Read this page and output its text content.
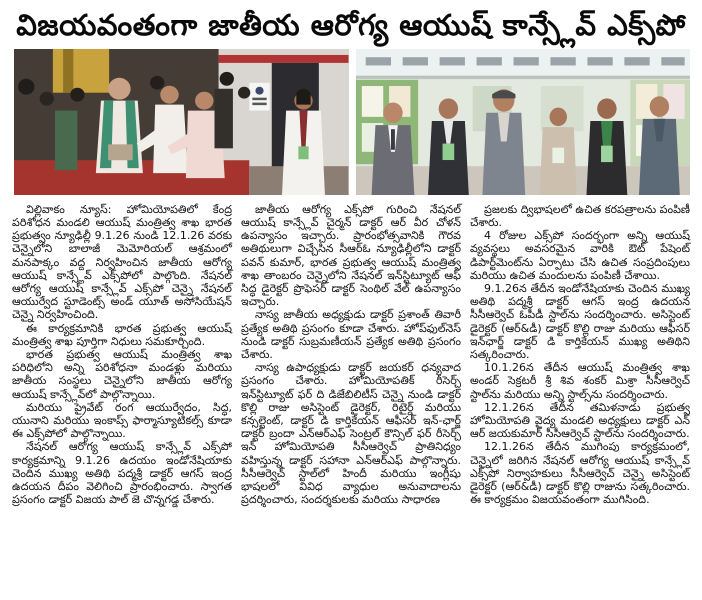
విజయవంతంగా జాతీయ ఆరోగ్య ఆయుష్ కాన్స్లేవ్ ఎక్స్‌పో

విల్లివాకం న్యూస్: హోమియోపతిలో కేంద్ర పరిశోధన మండలి ఆయుష్ మంత్రిత్వ శాఖ భారత ప్రభుత్వం న్యూఢిల్లీ 9.1.26 నుండి 12.1.26 వరకు చెన్నైలోని బాలాజీ మెమోరియల్ ఆశ్రమంలో మనపాక్కం వద్ద నిర్వహించిన జాతీయ ఆరోగ్య ఆయుష్ కాన్స్లేవ్ ఎక్స్‌పోలో పాల్గొంది. నేషనల్ ఆరోగ్య ఆయుష్ కాన్స్లేవ్ ఎక్స్‌పో చెన్నై నేషనల్ ఆయుర్వేద స్టూడెంట్స్ అండ్ యూత్ అసోసియేషన్ చెన్నై నిర్వహించింది.

ఈ కార్యక్రమానికి భారత ప్రభుత్వ ఆయుష్ మంత్రిత్వ శాఖ పూర్తిగా నిధులు సమకూర్చింది.

భారత ప్రభుత్వ ఆయుష్ మంత్రిత్వ శాఖ పరిధిలోని అన్ని పరిశోధనా మండళ్లు మరియు జాతీయ సంస్థలు చెన్నైలోని జాతీయ ఆరోగ్య ఆయుష్ కాన్స్లేవ్‌లో పాల్గొన్నాయి.

మరియు ప్రైవేట్ రంగ ఆయుర్వేదం, సిద్ధ, యునాని మరియు ఇంకాప్స్ ఫార్మాస్యూటికల్స్ కూడా ఈ ఎక్స్‌పోలో పాల్గొన్నాయి.

నేషనల్ ఆరోగ్య ఆయుష్ కాన్స్లేవ్ ఎక్స్‌పో కార్యక్రమాన్ని 9.1.26 ఉదయం ఇండోనేషియాకు చెందిన ముఖ్య అతిథి పద్మశ్రీ డాక్టర్ ఆగస్ ఇంద్ర ఉదయన దీపం వెలిగించి ప్రారంభించారు. స్వాగత ప్రసంగం డాక్టర్ విజయ పాల్ జె చొన్నగడ్డ చేశారు.

జాతీయ ఆరోగ్య ఎక్స్‌పో గురించి నేషనల్ ఆయుష్ కాన్స్లేవ్ చైర్మన్ డాక్టర్ ఆర్ వీర చోళన్ ఉపన్యాసం ఇచ్చారు. ప్రారంభోత్సవానికి గౌరవ అతిథులుగా విచ్చేసిన సీఆర్‌ఓ న్యూఢిల్లీలోని డాక్టర్ పవన్ కుమార్, భారత ప్రభుత్వ ఆయుష్ మంత్రిత్వ శాఖ తాంబరం చెన్నైలోని నేషనల్ ఇన్‌స్టిట్యూట్ ఆఫ్ సిద్ధ డైరెక్టర్ ప్రొఫెసర్ డాక్టర్ సెంథిల్ వేల్ ఉపన్యాసం ఇచ్చారు.

నాస్య జాతీయ అధ్యక్షుడు డాక్టర్ ప్రశాంత్ తివారీ ప్రత్యేక అతిథి ప్రసంగం కూడా చేశారు. హోప్‌ఫుల్‌నెస్ నుండి డాక్టర్ సుబ్రమణీయన్ ప్రత్యేక అతిథి ప్రసంగం చేశారు.

నాస్య ఉపాధ్యక్షుడు డాక్టర్ జయకర్ ధన్యవాద ప్రసంగం చేశారు. హోమియోపతిక్ రీసెర్చ్ ఇన్‌స్టిట్యూట్ ఫర్ ది డిజేబిలిటీస్ చెన్నై నుండి డాక్టర్ కొల్లి రాజు అసిస్టెంట్ డైరెక్టర్, రిటైర్డ్ మరియు కన్సల్టెంట్, డాక్టర్ డి కార్తికేయన్ ఆఫీసర్ ఇన్-ఛార్జ్ డాక్టర్ బ్రందా ఎన్ఆర్ఎఫ్ సెంట్రల్ కౌన్సిల్ ఫర్ రీసెర్చ్ ఇన్ హోమియోపతి సీసీఆర్వెచ్ ప్రాతినిధ్యం వహిస్తున్న డాక్టర్ సహానా ఎన్ఆర్ఎఫ్ పాల్గొన్నారు. సీసీఆర్వెచ్ స్టాల్‌లో హిందీ మరియు ఇంగ్లీషు భాషలలో వివిధ వ్యాధుల అనువాదాలను ప్రదర్శించారు, సందర్శకులకు మరియు సాధారణ

ప్రజలకు ద్విభాషలలో ఉచిత కరపత్రాలను పంపిణీ చేశారు.

4 రోజుల ఎక్స్‌పో సందర్భంగా అన్ని ఆయుష్ వ్యవస్థలు అవసరమైన వారికి ఔట్ పేషెంట్ డిపార్ట్‌మెంట్‌ను ఏర్పాటు చేసి ఉచిత సంప్రదింపులు మరియు ఉచిత మందులను పంపిణీ చేశాయి.

9.1.26న తేదీన ఇండోనేషియాకు చెందిన ముఖ్య అతిథి పద్మశ్రీ డాక్టర్ ఆగస్ ఇంద్ర ఉదయన సీసీఆర్వెచ్ ఓపీడీ స్టాల్‌ను సందర్శించారు. అసిస్టెంట్ డైరెక్టర్ (ఆర్&డీ) డాక్టర్ కొల్లి రాజు మరియు ఆఫీసర్ ఇన్‌ఛార్జ్ డాక్టర్ డి కార్తికేయన్ ముఖ్య అతిథిని సత్కరించారు.

10.1.26న తేదీన ఆయుష్ మంత్రిత్వ శాఖ అండర్ సెక్రటరీ శ్రీ శివ శంకర్ మిశ్రా సీసీఆర్వెచ్ స్టాల్‌ను మరియు అన్ని స్టాల్స్‌ను సందర్శించారు.

12.1.26న తేదీన తమిళనాడు ప్రభుత్వ హోమియోపతి వైద్య మండలి అధ్యక్షులు డాక్టర్ ఎన్ ఆర్ జయకుమార్ సీసీఆర్వెచ్ స్టాల్‌ను సందర్శించారు.

12.1.26న తేదీన ముగింపు కార్యక్రమంలో, చెన్నైలో జరిగిన నేషనల్ ఆరోగ్య ఆయుష్ కాన్స్లేవ్ ఎక్స్‌పో నిర్వాహకులు సీసీఆర్వెచ్ చెన్నై అసిస్టెంట్ డైరెక్టర్ (ఆర్&డీ) డాక్టర్ కొల్లి రాజును సత్కరించారు. ఈ కార్యక్రమం విజయవంతంగా ముగిసింది.
